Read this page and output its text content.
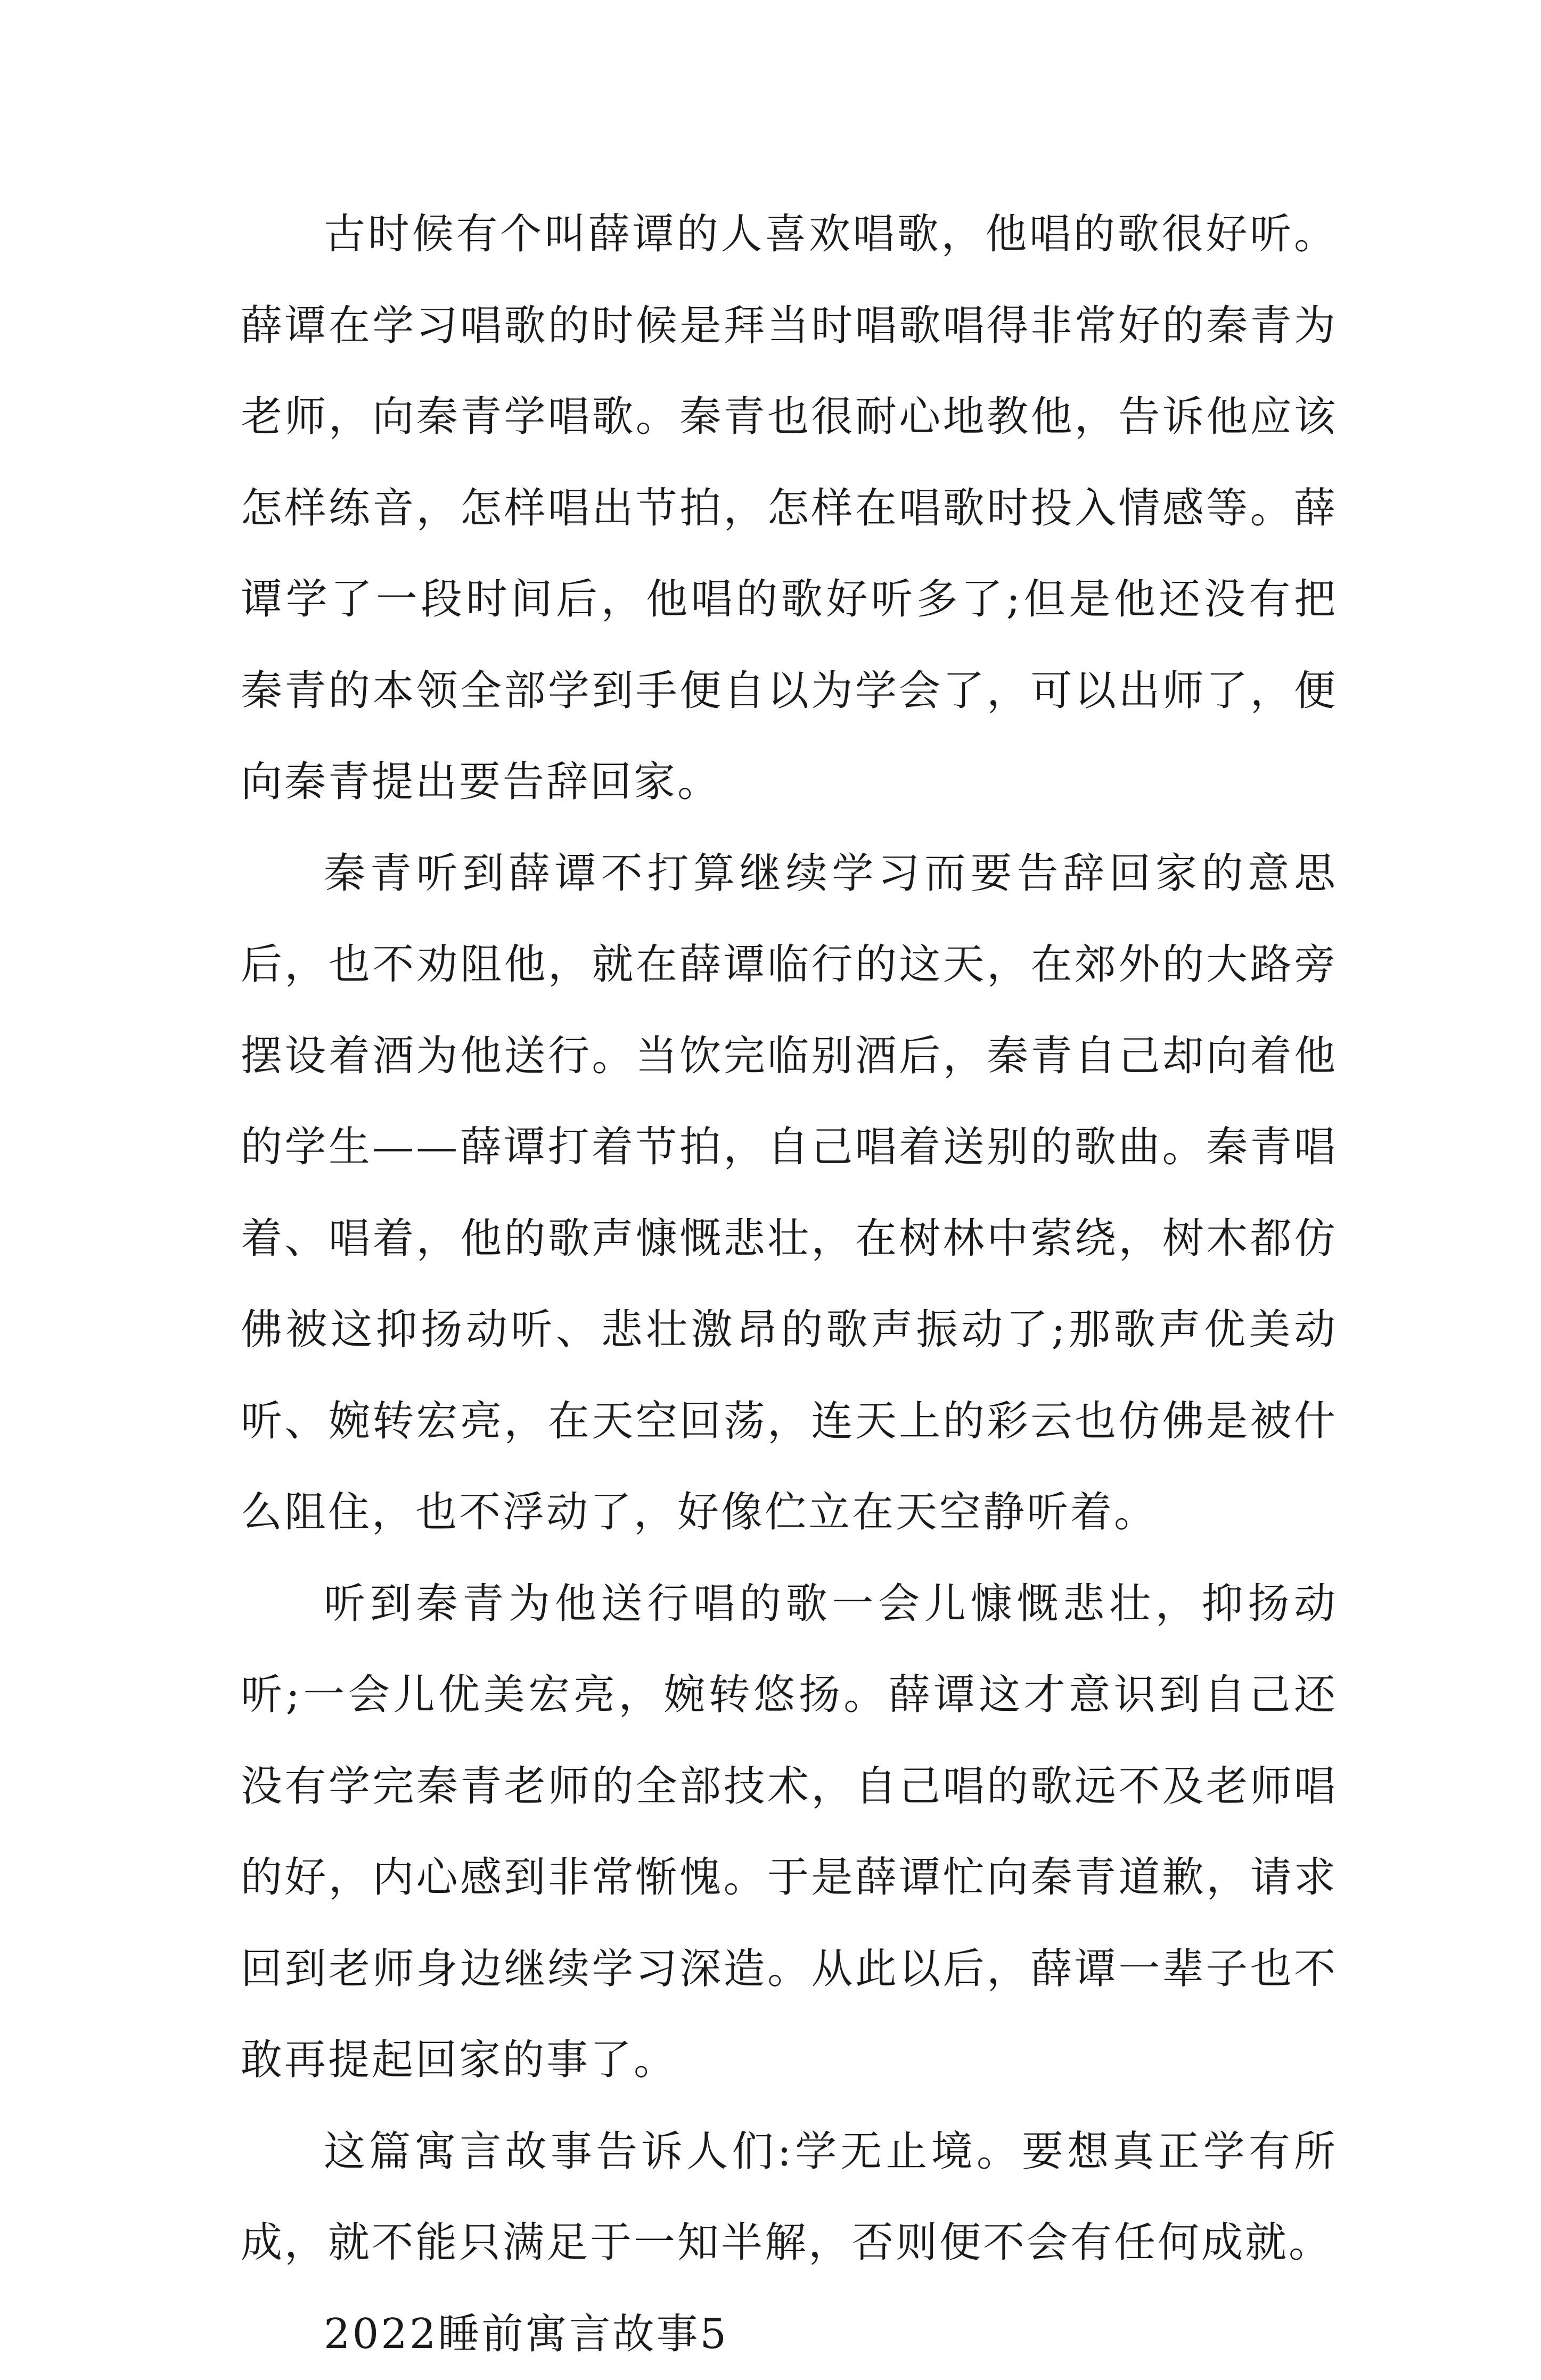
古时候有个叫薛谭的人喜欢唱歌，他唱的歌很好听。薛谭在学习唱歌的时候是拜当时唱歌唱得非常好的秦青为老师，向秦青学唱歌。秦青也很耐心地教他，告诉他应该怎样练音，怎样唱出节拍，怎样在唱歌时投入情感等。薛谭学了一段时间后，他唱的歌好听多了;但是他还没有把秦青的本领全部学到手便自以为学会了，可以出师了，便向秦青提出要告辞回家。

秦青听到薛谭不打算继续学习而要告辞回家的意思后，也不劝阻他，就在薛谭临行的这天，在郊外的大路旁摆设着酒为他送行。当饮完临别酒后，秦青自己却向着他的学生——薛谭打着节拍，自己唱着送别的歌曲。秦青唱着、唱着，他的歌声慷慨悲壮，在树林中萦绕，树木都仿佛被这抑扬动听、悲壮激昂的歌声振动了;那歌声优美动听、婉转宏亮，在天空回荡，连天上的彩云也仿佛是被什么阻住，也不浮动了，好像伫立在天空静听着。

听到秦青为他送行唱的歌一会儿慷慨悲壮，抑扬动听;一会儿优美宏亮，婉转悠扬。薛谭这才意识到自己还没有学完秦青老师的全部技术，自己唱的歌远不及老师唱的好，内心感到非常惭愧。于是薛谭忙向秦青道歉，请求回到老师身边继续学习深造。从此以后，薛谭一辈子也不敢再提起回家的事了。

这篇寓言故事告诉人们:学无止境。要想真正学有所成，就不能只满足于一知半解，否则便不会有任何成就。

2022睡前寓言故事5
